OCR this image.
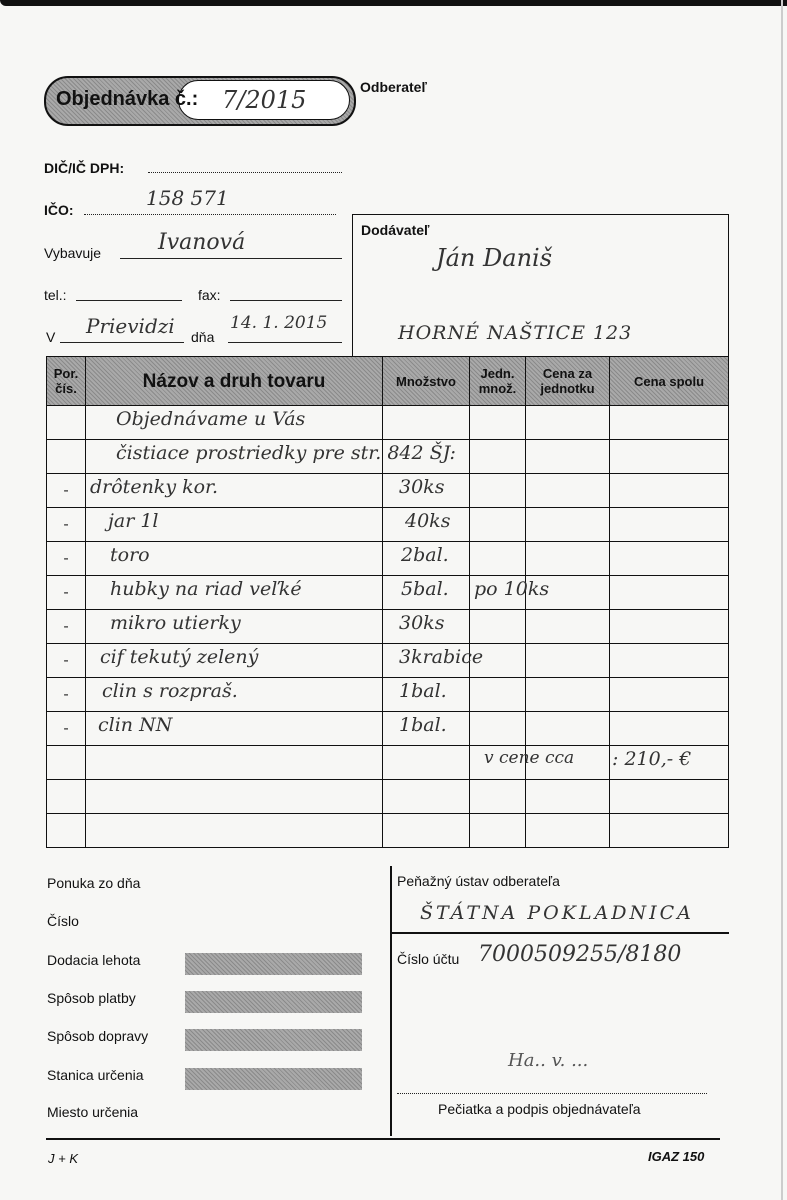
Objednávka č.: 7/2015	Odberateľ
DIČ/IČ DPH:
IČO:	158 571
Vybavuje	Ivanová
tel.:	fax:
V Prievidzi dňa
14. 1. 2015
Dodávateľ
Ján Daniš
HORNÉ NAŠTICE 123
Por. čís.	Názov a druh tovaru	Množstvo	Jedn. množ.	Cena za jednotku	Cena spolu

	Objednávame u Vás				

	čistiace prostriedky pre str. 842 ŠJ:				

-	drôtenky kor.	30ks			

-	jar 1l	40ks			

-	toro	2bal.			

-	hubky na riad veľké	5bal.	po 10ks		

-	mikro utierky	30ks			

-	cif tekutý zelený	3krabice			

-	clin s rozpraš.	1bal.			

-	clin NN	1bal.			

			v cene cca		: 210,- €

Ponuka zo dňa
Číslo
Dodacia lehota
Spôsob platby
Spôsob dopravy
Stanica určenia
Miesto určenia
Peňažný ústav odberateľa
ŠTÁTNA POKLADNICA
Číslo účtu 7000509255/8180
Ha.. v. ...
Pečiatka a podpis objednávateľa
J + K	IGAZ 150
